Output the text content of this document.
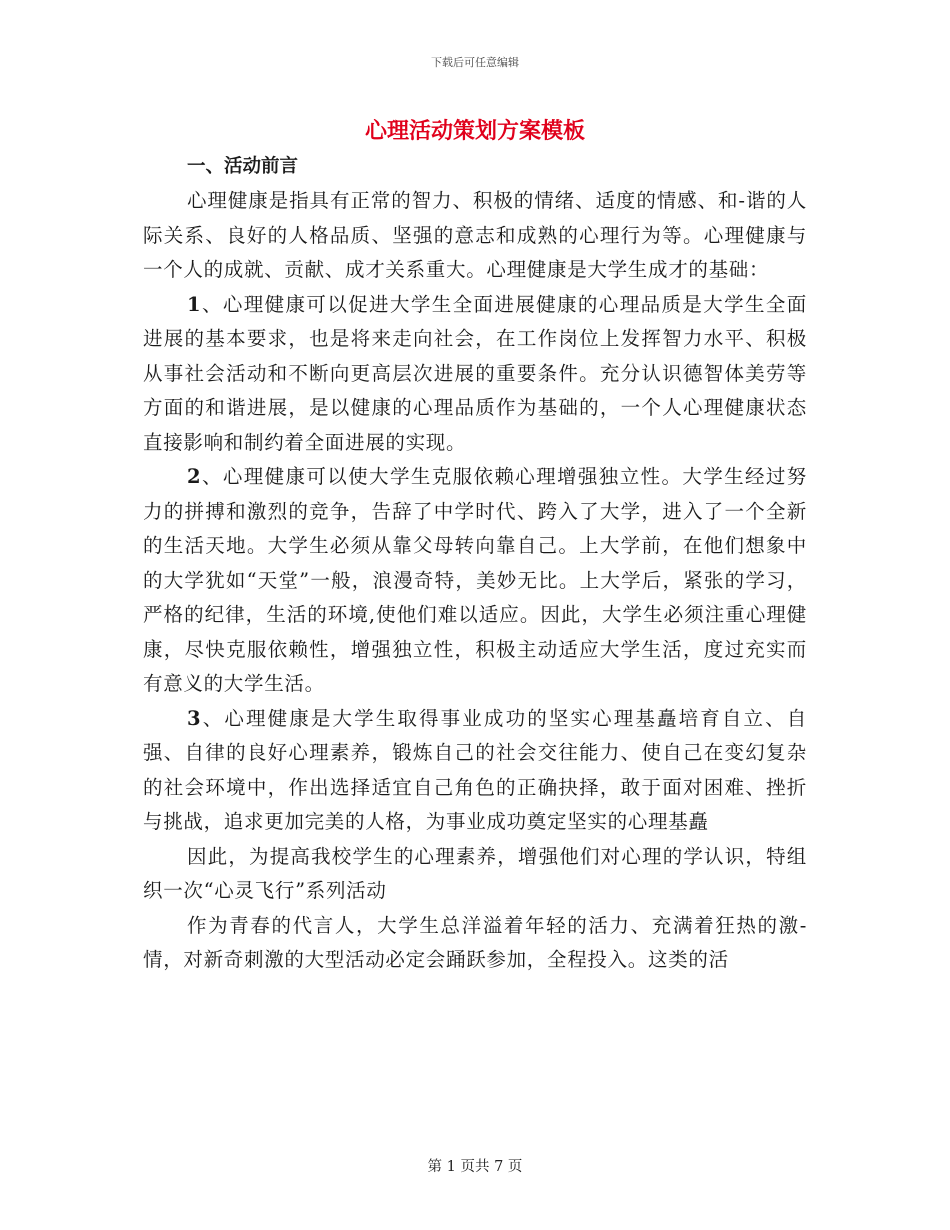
下载后可任意编辑
心理活动策划方案模板
一、活动前言

心理健康是指具有正常的智力、积极的情绪、适度的情感、和-谐的人际关系、良好的人格品质、坚强的意志和成熟的心理行为等。心理健康与一个人的成就、贡献、成才关系重大。心理健康是大学生成才的基础：

1、心理健康可以促进大学生全面进展健康的心理品质是大学生全面进展的基本要求，也是将来走向社会，在工作岗位上发挥智力水平、积极从事社会活动和不断向更高层次进展的重要条件。充分认识德智体美劳等方面的和谐进展，是以健康的心理品质作为基础的，一个人心理健康状态直接影响和制约着全面进展的实现。

2、心理健康可以使大学生克服依赖心理增强独立性。大学生经过努力的拼搏和激烈的竞争，告辞了中学时代、跨入了大学，进入了一个全新的生活天地。大学生必须从靠父母转向靠自己。上大学前，在他们想象中的大学犹如“天堂”一般，浪漫奇特，美妙无比。上大学后，紧张的学习，严格的纪律，生活的环境,使他们难以适应。因此，大学生必须注重心理健康，尽快克服依赖性，增强独立性，积极主动适应大学生活，度过充实而有意义的大学生活。

3、心理健康是大学生取得事业成功的坚实心理基矗培育自立、自强、自律的良好心理素养，锻炼自己的社会交往能力、使自己在变幻复杂的社会环境中，作出选择适宜自己角色的正确抉择，敢于面对困难、挫折与挑战，追求更加完美的人格，为事业成功奠定坚实的心理基矗

因此，为提高我校学生的心理素养，增强他们对心理的学认识，特组织一次“心灵飞行”系列活动

作为青春的代言人，大学生总洋溢着年轻的活力、充满着狂热的激-情，对新奇刺激的大型活动必定会踊跃参加，全程投入。这类的活

第 1 页共 7 页
